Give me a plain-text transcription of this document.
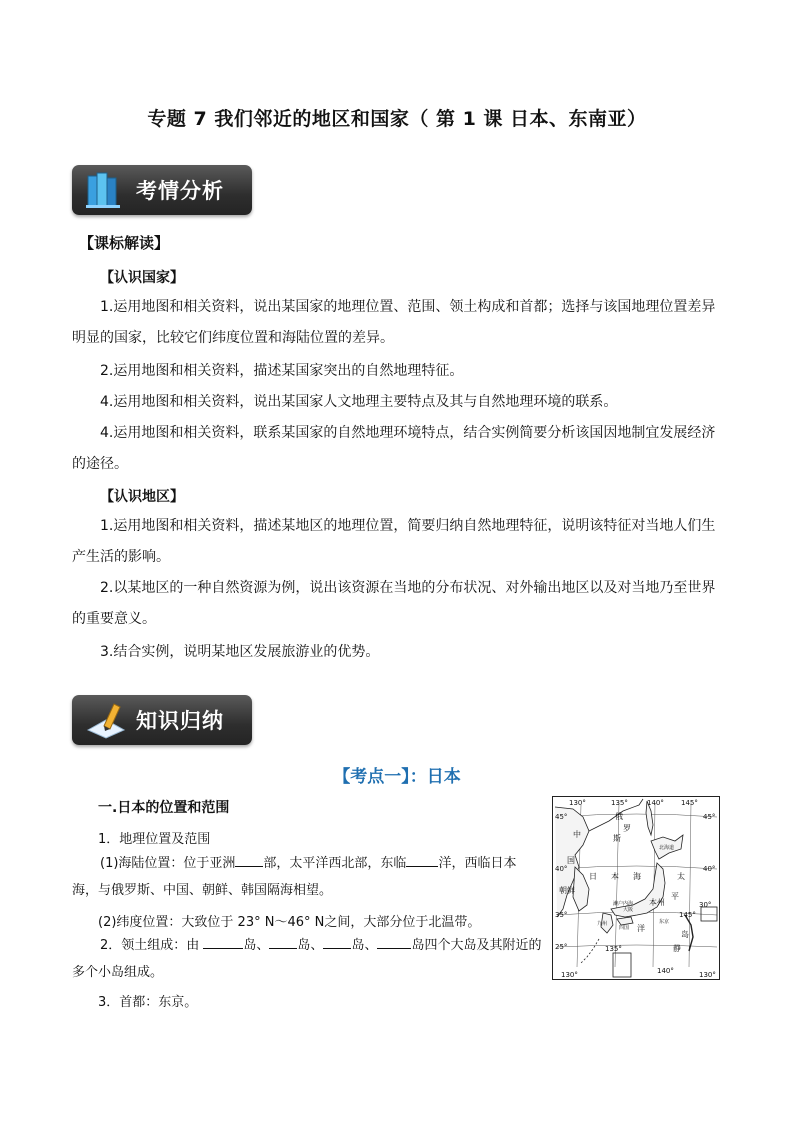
专题 7 我们邻近的地区和国家（ 第 1 课 日本、东南亚）
考情分析
【课标解读】
【认识国家】

1.运用地图和相关资料，说出某国家的地理位置、范围、领土构成和首都；选择与该国地理位置差异明显的国家，比较它们纬度位置和海陆位置的差异。

2.运用地图和相关资料，描述某国家突出的自然地理特征。

4.运用地图和相关资料，说出某国家人文地理主要特点及其与自然地理环境的联系。

4.运用地图和相关资料，联系某国家的自然地理环境特点，结合实例简要分析该国因地制宜发展经济的途径。

【认识地区】

1.运用地图和相关资料，描述某地区的地理位置，简要归纳自然地理特征，说明该特征对当地人们生产生活的影响。

2.以某地区的一种自然资源为例，说出该资源在当地的分布状况、对外输出地区以及对当地乃至世界的重要意义。

3.结合实例，说明某地区发展旅游业的优势。

知识归纳
【考点一】：日本
一.日本的位置和范围
1．地理位置及范围

(1)海陆位置：位于亚洲 部，太平洋西北部，东临 洋，西临日本海，与俄罗斯、中国、朝鲜、韩国隔海相望。

(2)纬度位置：大致位于 23° N～46° N之间，大部分位于北温带。

2．领土组成：由	岛、 岛、 岛、	岛四个大岛及其附近的多个小岛组成。

3．首都：东京。
130°	135°	140° 145°
45°
40°
35°
25°
45°
40°
30°
130°
135°
140°
145°
130°
中
国
俄
罗
斯
朝鲜
日 本 海	太
平
洋
本州
岛
静
北海道
东京
大阪
濑户内海
九州
四国
